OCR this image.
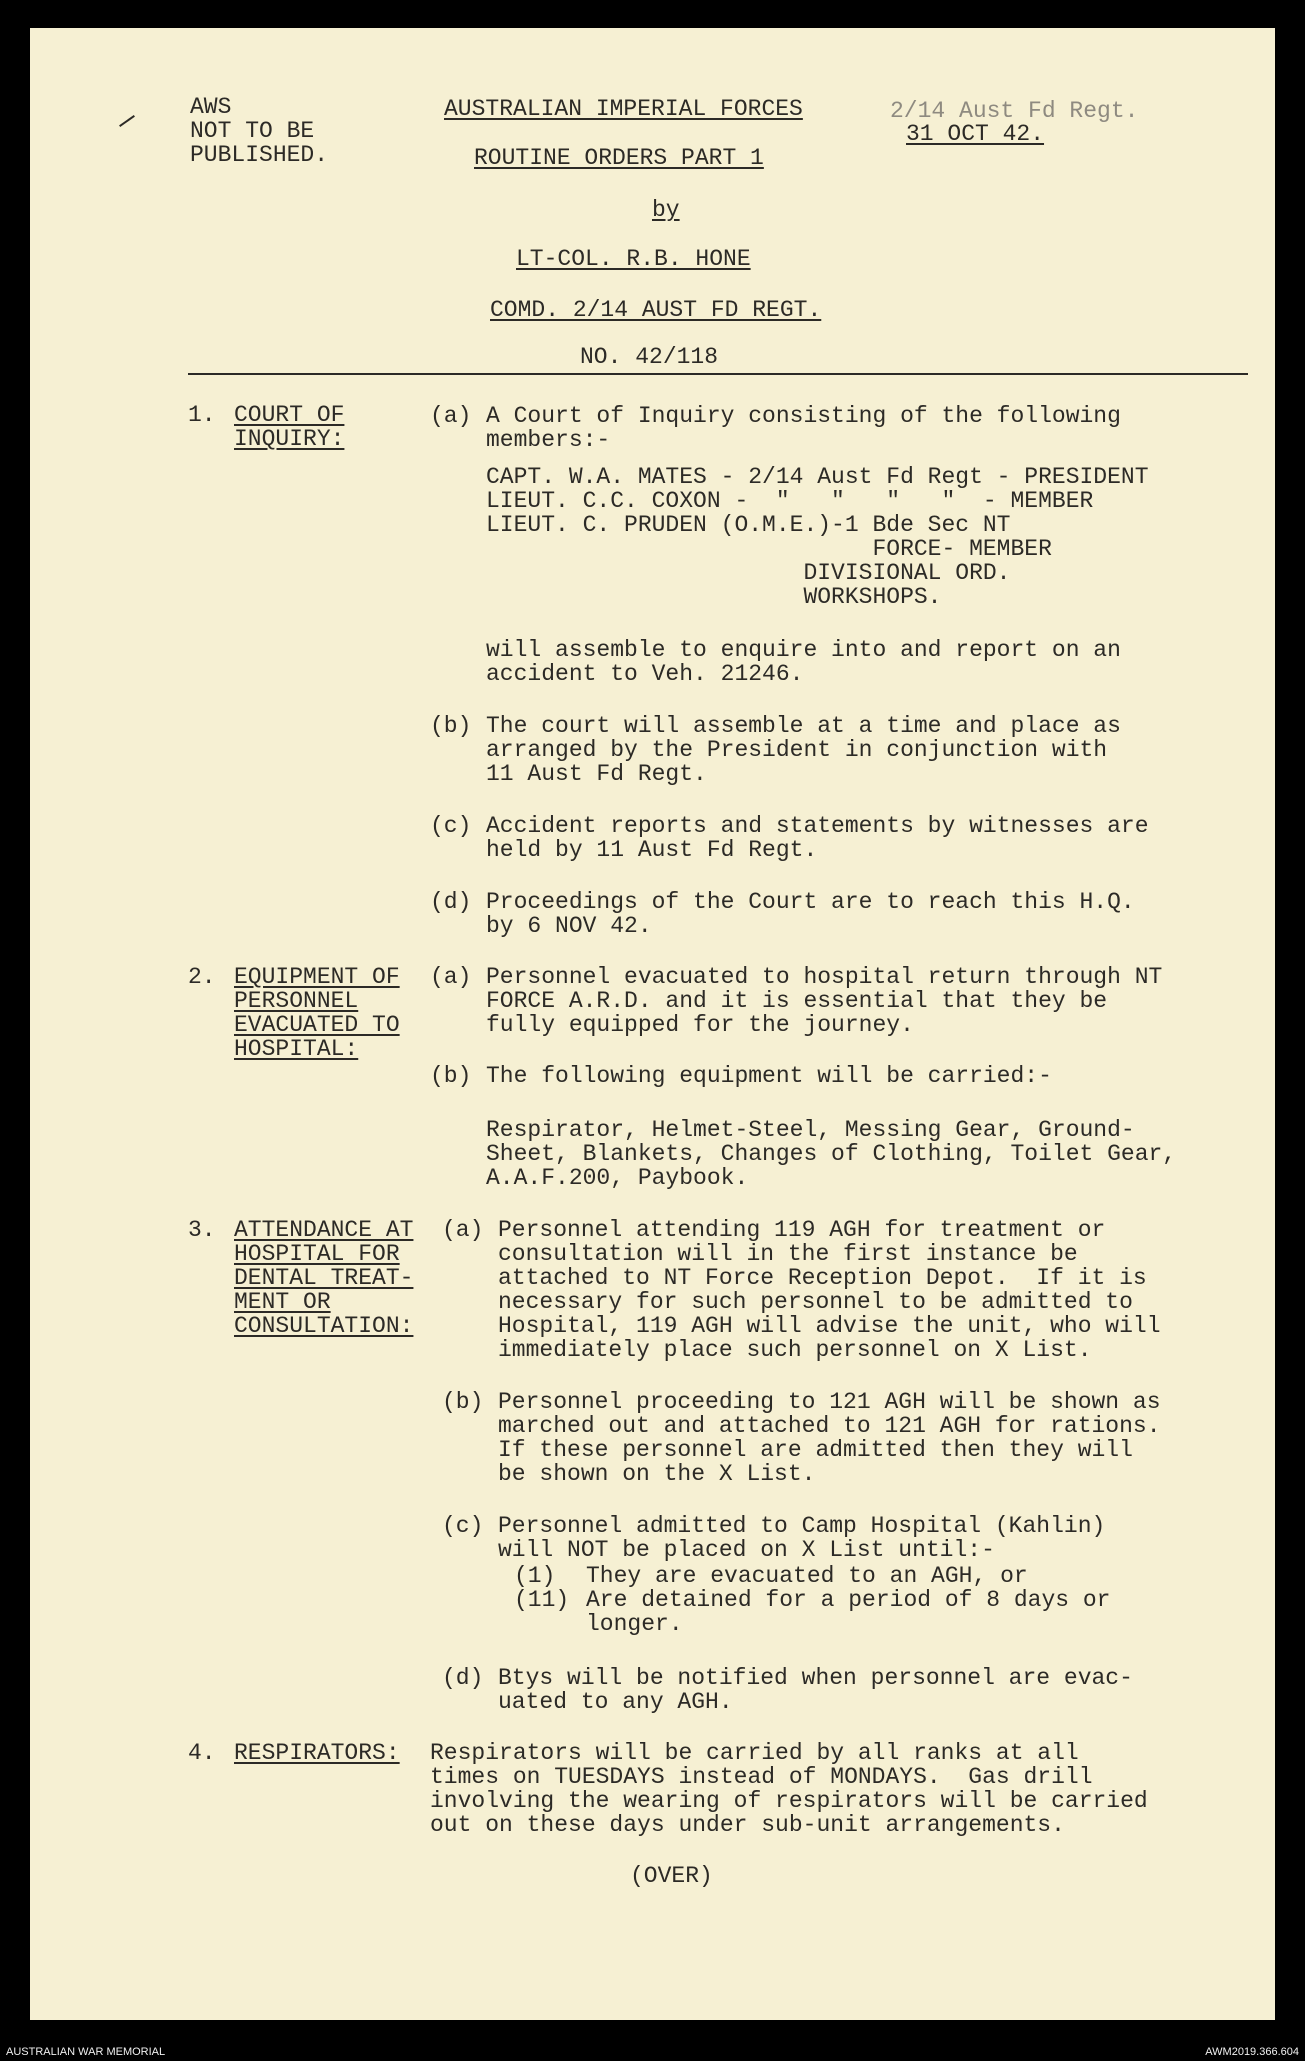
AWS
NOT TO BE
PUBLISHED.
AUSTRALIAN IMPERIAL FORCES
ROUTINE ORDERS PART 1
by
LT-COL. R.B. HONE
COMD. 2/14 AUST FD REGT.
NO. 42/118
2/14 Aust Fd Regt.
31 OCT 42.
1. COURT OF
INQUIRY:
(a) A Court of Inquiry consisting of the following
members:-
CAPT. W.A. MATES - 2/14 Aust Fd Regt - PRESIDENT
LIEUT. C.C. COXON -  "   "   "   "  - MEMBER
LIEUT. C. PRUDEN (O.M.E.)-1 Bde Sec NT
FORCE- MEMBER
DIVISIONAL ORD.
WORKSHOPS.
will assemble to enquire into and report on an
accident to Veh. 21246.
(b) The court will assemble at a time and place as
arranged by the President in conjunction with
11 Aust Fd Regt.
(c) Accident reports and statements by witnesses are
held by 11 Aust Fd Regt.
(d) Proceedings of the Court are to reach this H.Q.
by 6 NOV 42.
2. EQUIPMENT OF
PERSONNEL
EVACUATED TO
HOSPITAL:
(a) Personnel evacuated to hospital return through NT
FORCE A.R.D. and it is essential that they be
fully equipped for the journey.
(b) The following equipment will be carried:-
Respirator, Helmet-Steel, Messing Gear, Ground-
Sheet, Blankets, Changes of Clothing, Toilet Gear,
A.A.F.200, Paybook.
3. ATTENDANCE AT
HOSPITAL FOR
DENTAL TREAT-
MENT OR
CONSULTATION:
(a) Personnel attending 119 AGH for treatment or
consultation will in the first instance be
attached to NT Force Reception Depot.  If it is
necessary for such personnel to be admitted to
Hospital, 119 AGH will advise the unit, who will
immediately place such personnel on X List.
(b) Personnel proceeding to 121 AGH will be shown as
marched out and attached to 121 AGH for rations.
If these personnel are admitted then they will
be shown on the X List.
(c) Personnel admitted to Camp Hospital (Kahlin)
will NOT be placed on X List until:-
(1) They are evacuated to an AGH, or
(11) Are detained for a period of 8 days or
longer.
(d) Btys will be notified when personnel are evac-
uated to any AGH.
4. RESPIRATORS: Respirators will be carried by all ranks at all
times on TUESDAYS instead of MONDAYS.  Gas drill
involving the wearing of respirators will be carried
out on these days under sub-unit arrangements.
(OVER)
AUSTRALIAN WAR MEMORIAL	AWM2019.366.604
